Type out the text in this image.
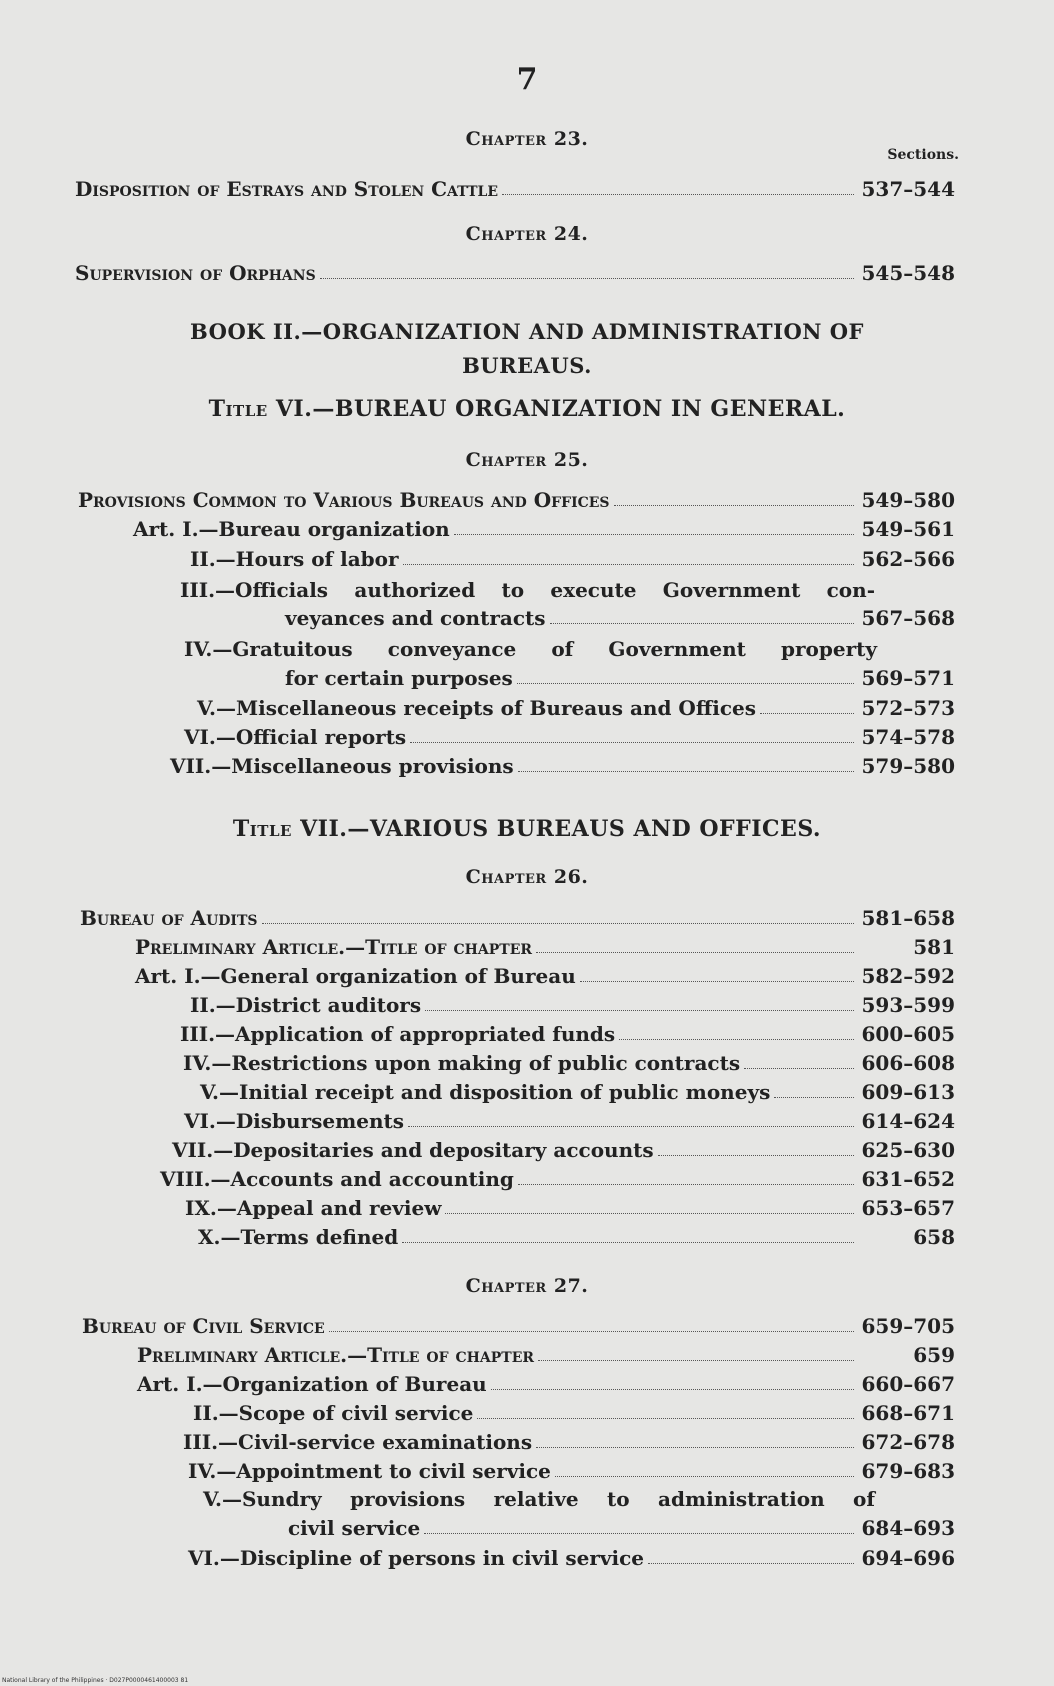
7
Chapter 23.
Sections.
Disposition of Estrays and Stolen Cattle	537–544
Chapter 24.
Supervision of Orphans	545–548
BOOK II.—ORGANIZATION AND ADMINISTRATION OF
BUREAUS.
Title VI.—BUREAU ORGANIZATION IN GENERAL.
Chapter 25.
Provisions Common to Various Bureaus and Offices	549–580
Art. I.—Bureau organization	549–561
II.—Hours of labor	562–566
III.—Officials authorized to execute Government con-
veyances and contracts	567–568
IV.—Gratuitous conveyance of Government property
for certain purposes	569–571
V.—Miscellaneous receipts of Bureaus and Offices	572–573
VI.—Official reports	574–578
VII.—Miscellaneous provisions	579–580
Title VII.—VARIOUS BUREAUS AND OFFICES.
Chapter 26.
Bureau of Audits	581–658
Preliminary Article.—Title of chapter	581
Art. I.—General organization of Bureau	582–592
II.—District auditors	593–599
III.—Application of appropriated funds	600–605
IV.—Restrictions upon making of public contracts	606–608
V.—Initial receipt and disposition of public moneys	609–613
VI.—Disbursements	614–624
VII.—Depositaries and depositary accounts	625–630
VIII.—Accounts and accounting	631–652
IX.—Appeal and review	653–657
X.—Terms defined	658
Chapter 27.
Bureau of Civil Service	659–705
Preliminary Article.—Title of chapter	659
Art. I.—Organization of Bureau	660–667
II.—Scope of civil service	668–671
III.—Civil-service examinations	672–678
IV.—Appointment to civil service	679–683
V.—Sundry provisions relative to administration of
civil service	684–693
VI.—Discipline of persons in civil service	694–696
National Library of the Philippines · D027P0000461400003 81
